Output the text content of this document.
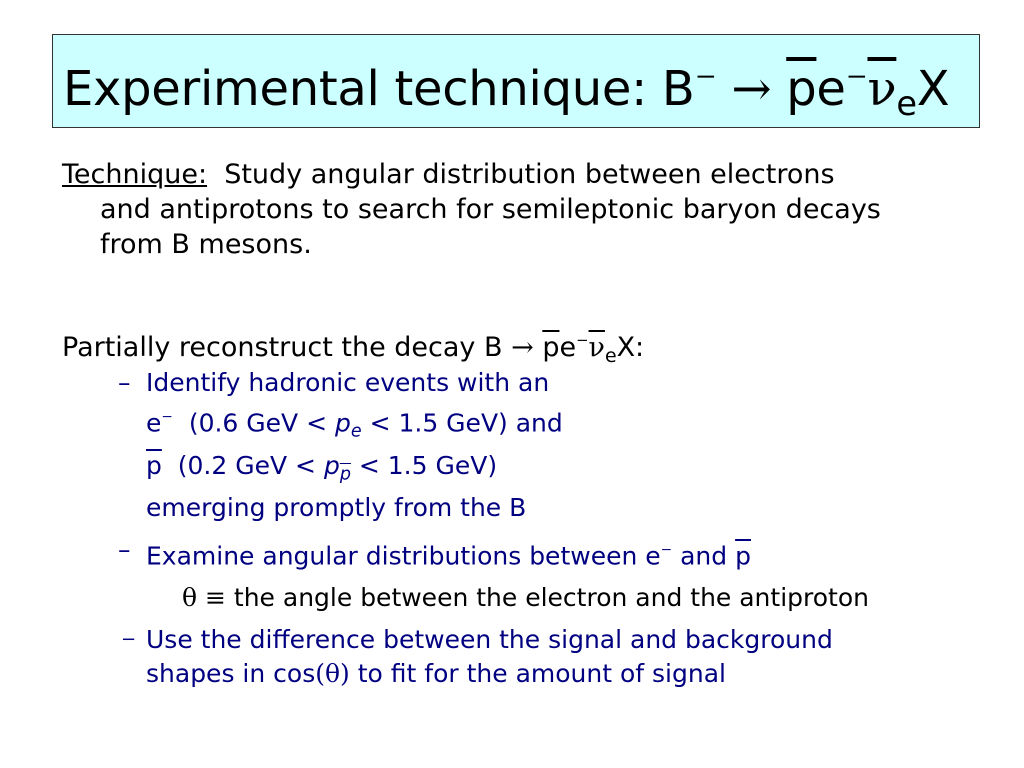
Experimental technique: $B^- \to \overline{p}e^-\overline{\nu}_eX$
Technique:  Study angular distribution between electrons
and antiprotons to search for semileptonic baryon decays
from B mesons.
Partially reconstruct the decay $B \to \overline{p}e^-\overline{\nu}_eX$:
– Identify hadronic events with an
e−  (0.6 GeV < $p_e < 1.5$ GeV) and
$\overline{p}$  (0.2 GeV < $p_{\overline{p}} < 1.5$ GeV)
emerging promptly from the B
– Examine angular distributions between e− and $\overline{p}$
θ ≡ the angle between the electron and the antiproton
− Use the difference between the signal and background
shapes in cos(θ) to fit for the amount of signal
